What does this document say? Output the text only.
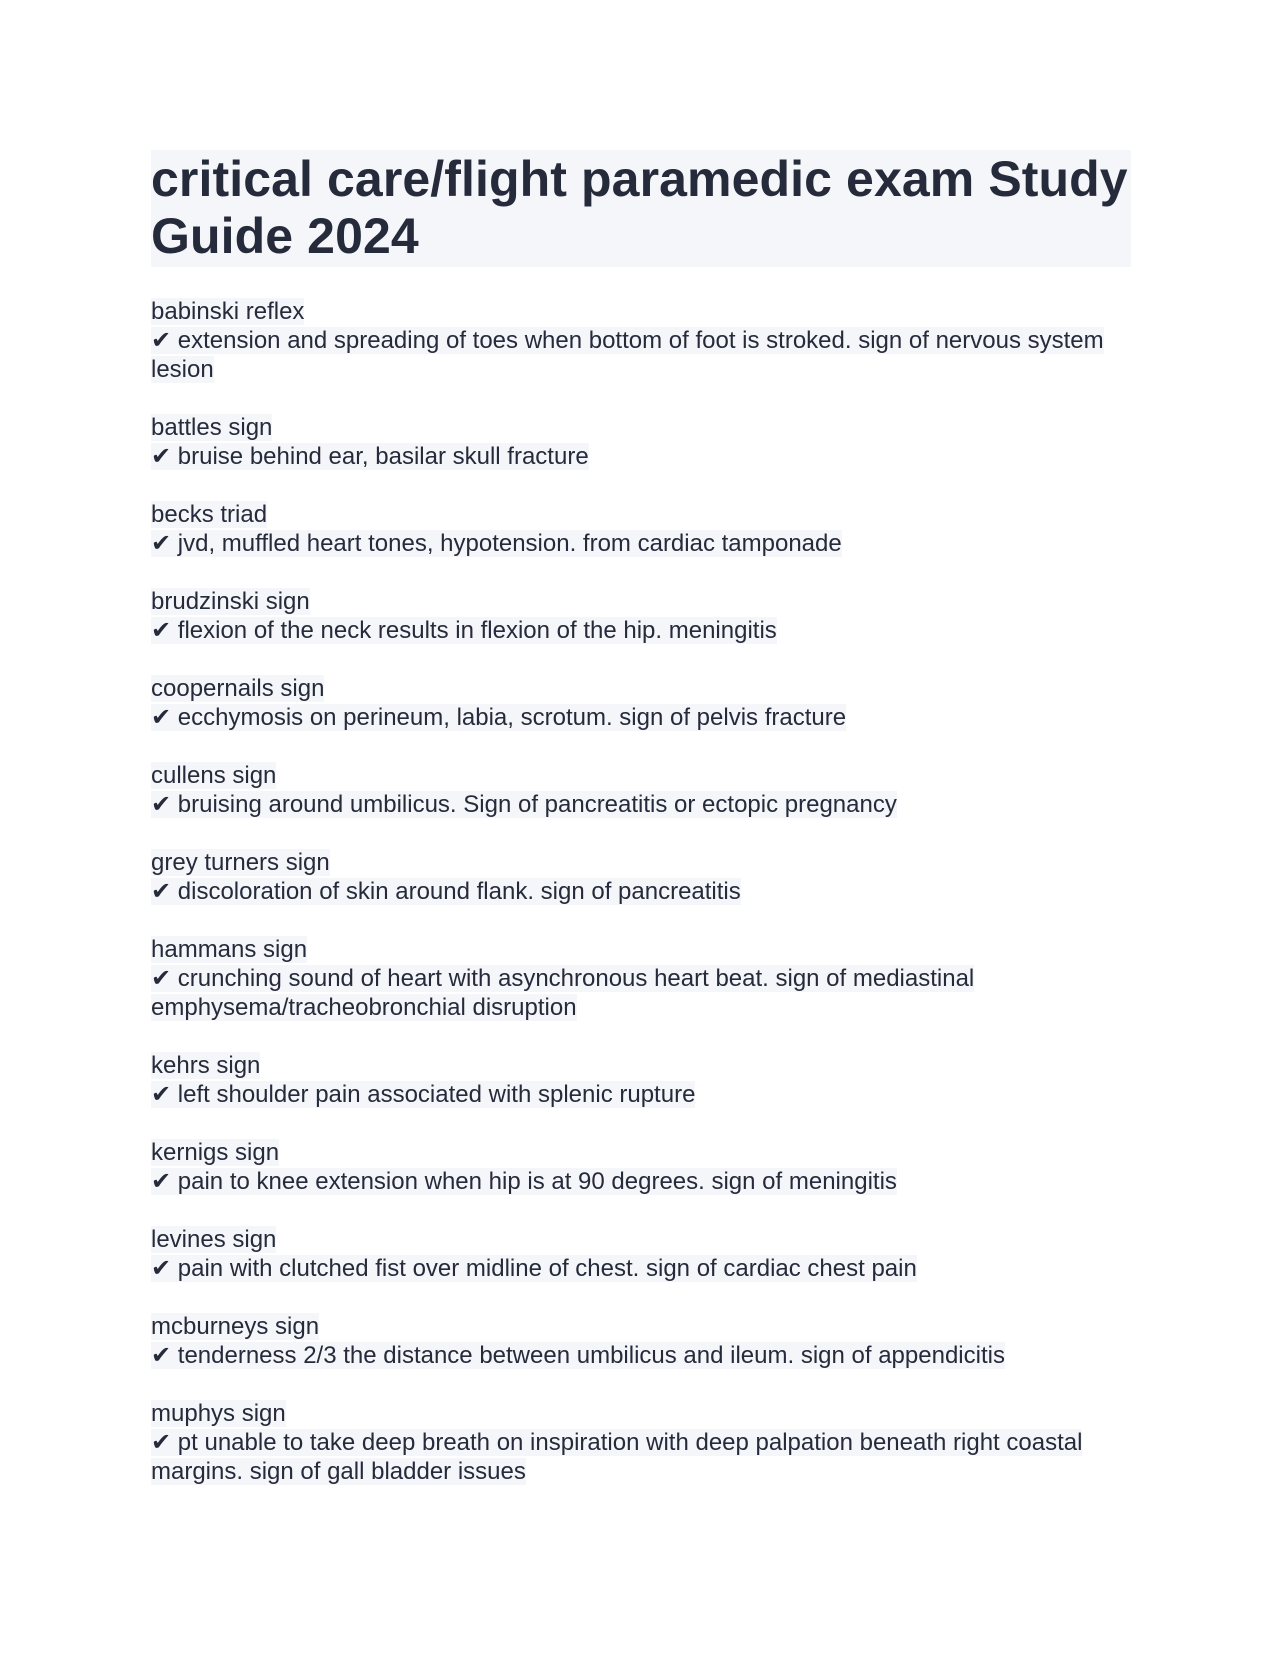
critical care/flight paramedic exam Study Guide 2024
babinski reflex
✔ extension and spreading of toes when bottom of foot is stroked. sign of nervous system lesion
battles sign
✔ bruise behind ear, basilar skull fracture
becks triad
✔ jvd, muffled heart tones, hypotension. from cardiac tamponade
brudzinski sign
✔ flexion of the neck results in flexion of the hip. meningitis
coopernails sign
✔ ecchymosis on perineum, labia, scrotum. sign of pelvis fracture
cullens sign
✔ bruising around umbilicus. Sign of pancreatitis or ectopic pregnancy
grey turners sign
✔ discoloration of skin around flank. sign of pancreatitis
hammans sign
✔ crunching sound of heart with asynchronous heart beat. sign of mediastinal emphysema/tracheobronchial disruption
kehrs sign
✔ left shoulder pain associated with splenic rupture
kernigs sign
✔ pain to knee extension when hip is at 90 degrees. sign of meningitis
levines sign
✔ pain with clutched fist over midline of chest. sign of cardiac chest pain
mcburneys sign
✔ tenderness 2/3 the distance between umbilicus and ileum. sign of appendicitis
muphys sign
✔ pt unable to take deep breath on inspiration with deep palpation beneath right coastal margins. sign of gall bladder issues
